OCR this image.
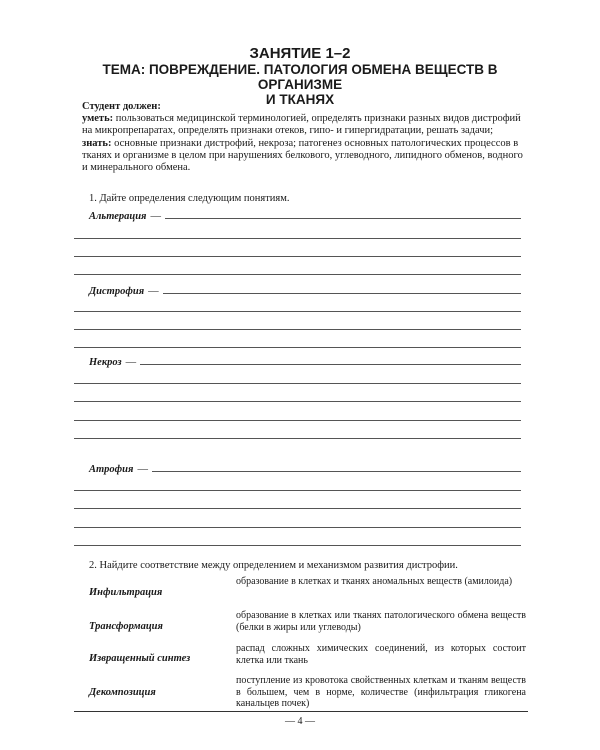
ЗАНЯТИЕ 1–2
ТЕМА: ПОВРЕЖДЕНИЕ. ПАТОЛОГИЯ ОБМЕНА ВЕЩЕСТВ В ОРГАНИЗМЕ
И ТКАНЯХ

Студент должен:

уметь: пользоваться медицинской терминологией, определять признаки разных видов дистрофий на микропрепаратах, определять признаки отеков, гипо- и гипергидратации, решать задачи;

знать: основные признаки дистрофий, некроза; патогенез основных патологических процессов в тканях и организме в целом при нарушениях белкового, углеводного, липидного обменов, водного и минерального обмена.

1. Дайте определения следующим понятиям.
Альтерация —
Дистрофия —
Некроз —
Атрофия —
2. Найдите соответствие между определением и механизмом развития дистрофии.
Инфильтрация
образование в клетках и тканях аномальных веществ (амилоида)
Трансформация
образование в клетках или тканях патологического обмена веществ (белки в жиры или углеводы)
Извращенный синтез
распад сложных химических соединений, из которых состоит клетка или ткань
Декомпозиция
поступление из кровотока свойственных клеткам и тканям веществ в большем, чем в норме, количестве (инфильтрация гликогена канальцев почек)
— 4 —
